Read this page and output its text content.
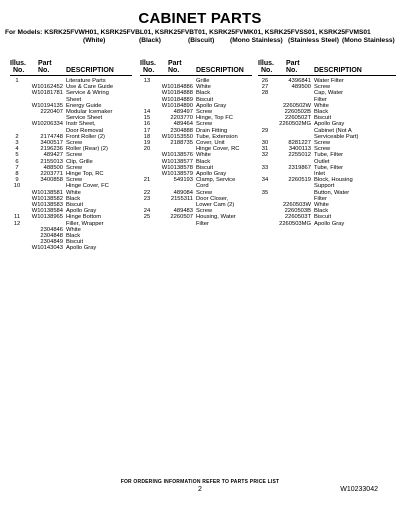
CABINET PARTS
For Models: KSRK25FVWH01, KSRK25FVBL01, KSRK25FVBT01, KSRK25FVMK01, KSRK25FVSS01, KSRK25FVMS01
(White)	(Black)	(Biscuit) (Mono Stainless) (Stainless Steel) (Mono Stainless)
Illus.
No.
Part
No. DESCRIPTION
1	Literature Parts
W10162452 Use & Care Guide
W10181781 Service & Wiring
Sheet
W10194135 Energy Guide
2220407 Modular Icemaker
Service Sheet
W10206334 Instr Sheet,
Door Removal
2	2174748 Front Roller (2)
3	3400517 Screw
4	2196236 Roller (Rear) (2)
5	489427 Screw
6	2155013 Clip, Grille
7	488500 Screw
8	2203771 Hinge Top, RC
9	3400858 Screw
10	Hinge Cover, FC
W10138581 White
W10138582 Black
W10138583 Biscuit
W10138584 Apollo Gray
11	W10138965 Hinge Bottom
12	Filler, Wrapper
2304846 White
2304848 Black
2304849 Biscuit
W10143043 Apollo Gray
Illus.
No.
Part
No. DESCRIPTION
13	Grille
W10184886 White
W10184888 Black
W10184889 Biscuit
W10184890 Apollo Gray
14	489497 Screw
15	2203770 Hinge, Top FC
16	489464 Screw
17	2304888 Drain Fitting
18	W10153550 Tube, Extension
19	2188735 Cover, Unit
20	Hinge Cover, RC
W10138576 White
W10138577 Black
W10138578 Biscuit
W10138579 Apollo Gray
21	549193 Clamp, Service
Cord
22	489084 Screw
23	2155311 Door Closer,
Lower Cam (2)
24	489483 Screw
25	2260507 Housing, Water
Filter
Illus.
No.
Part
No. DESCRIPTION
26	4396841 Water Filter
27	489500 Screw
28	Cap, Water
Filter
2260502W White
2260502B Black
2260502T Biscuit
2260502MG Apollo Gray
29	Cabinet (Not A
Serviceable Part)
30	8281227 Screw
31	3400113 Screw
32	2255012 Tube, Filter
Outlet
33	2319867 Tube, Filter
Inlet
34	2260519 Block, Housing
Support
35	Button, Water
Filter
2260503W White
2260503B Black
2260503T Biscuit
2260503MG Apollo Gray
FOR ORDERING INFORMATION REFER TO PARTS PRICE LIST
2	W10233042
